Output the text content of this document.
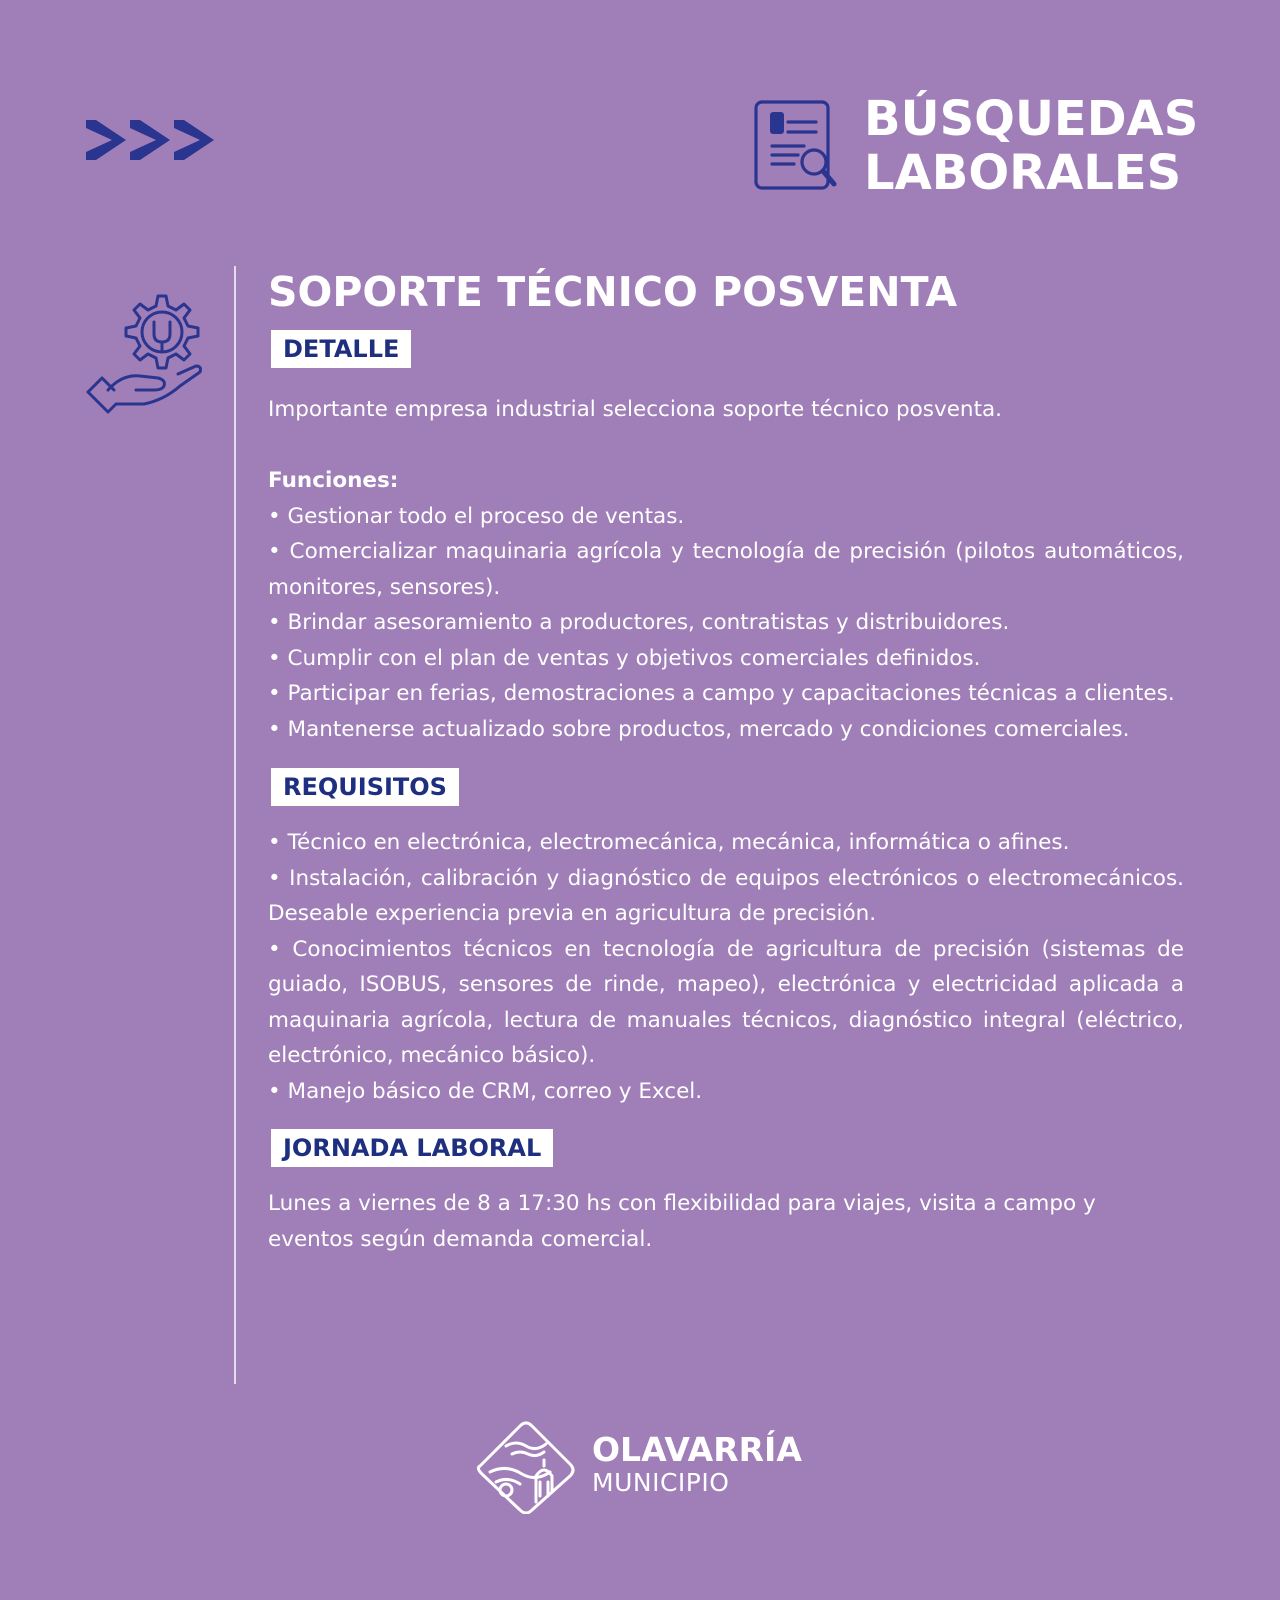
BÚSQUEDAS
LABORALES
SOPORTE TÉCNICO POSVENTA
DETALLE

Importante empresa industrial selecciona soporte técnico posventa.

Funciones:

• Gestionar todo el proceso de ventas.

• Comercializar maquinaria agrícola y tecnología de precisión (pilotos automáticos, monitores, sensores).

• Brindar asesoramiento a productores, contratistas y distribuidores.

• Cumplir con el plan de ventas y objetivos comerciales definidos.

• Participar en ferias, demostraciones a campo y capacitaciones técnicas a clientes.

• Mantenerse actualizado sobre productos, mercado y condiciones comerciales.

REQUISITOS

• Técnico en electrónica, electromecánica, mecánica, informática o afines.

• Instalación, calibración y diagnóstico de equipos electrónicos o electromecánicos. Deseable experiencia previa en agricultura de precisión.

• Conocimientos técnicos en tecnología de agricultura de precisión (sistemas de guiado, ISOBUS, sensores de rinde, mapeo), electrónica y electricidad aplicada a maquinaria agrícola, lectura de manuales técnicos, diagnóstico integral (eléctrico, electrónico, mecánico básico).

• Manejo básico de CRM, correo y Excel.

JORNADA LABORAL

Lunes a viernes de 8 a 17:30 hs con flexibilidad para viajes, visita a campo y eventos según demanda comercial.

OLAVARRÍA
MUNICIPIO
